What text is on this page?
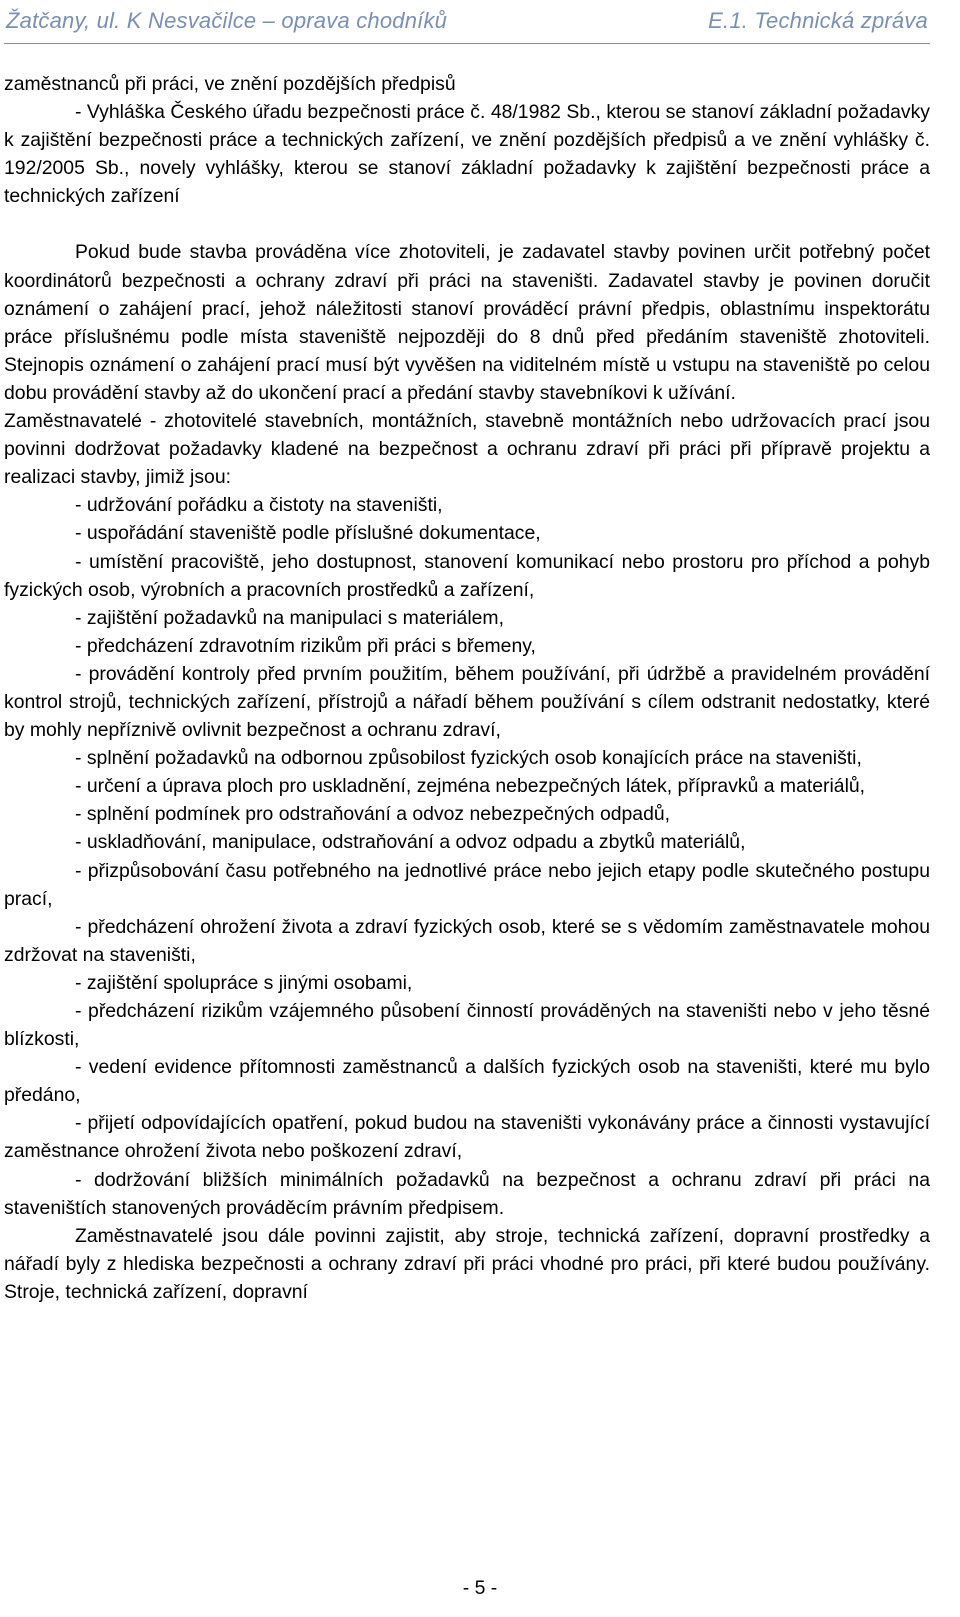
Žatčany, ul. K Nesvačilce – oprava chodníků	E.1. Technická zpráva

zaměstnanců při práci, ve znění pozdějších předpisů

- Vyhláška Českého úřadu bezpečnosti práce č. 48/1982 Sb., kterou se stanoví základní požadavky k zajištění bezpečnosti práce a technických zařízení, ve znění pozdějších předpisů a ve znění vyhlášky č. 192/2005 Sb., novely vyhlášky, kterou se stanoví základní požadavky k zajištění bezpečnosti práce a technických zařízení

Pokud bude stavba prováděna více zhotoviteli, je zadavatel stavby povinen určit potřebný počet koordinátorů bezpečnosti a ochrany zdraví při práci na staveništi. Zadavatel stavby je povinen doručit oznámení o zahájení prací, jehož náležitosti stanoví prováděcí právní předpis, oblastnímu inspektorátu práce příslušnému podle místa staveniště nejpozději do 8 dnů před předáním staveniště zhotoviteli. Stejnopis oznámení o zahájení prací musí být vyvěšen na viditelném místě u vstupu na staveniště po celou dobu provádění stavby až do ukončení prací a předání stavby stavebníkovi k užívání.

Zaměstnavatelé - zhotovitelé stavebních, montážních, stavebně montážních nebo udržovacích prací jsou povinni dodržovat požadavky kladené na bezpečnost a ochranu zdraví při práci při přípravě projektu a realizaci stavby, jimiž jsou:

- udržování pořádku a čistoty na staveništi,

- uspořádání staveniště podle příslušné dokumentace,

- umístění pracoviště, jeho dostupnost, stanovení komunikací nebo prostoru pro příchod a pohyb fyzických osob, výrobních a pracovních prostředků a zařízení,

- zajištění požadavků na manipulaci s materiálem,

- předcházení zdravotním rizikům při práci s břemeny,

- provádění kontroly před prvním použitím, během používání, při údržbě a pravidelném provádění kontrol strojů, technických zařízení, přístrojů a nářadí během používání s cílem odstranit nedostatky, které by mohly nepříznivě ovlivnit bezpečnost a ochranu zdraví,

- splnění požadavků na odbornou způsobilost fyzických osob konajících práce na staveništi,

- určení a úprava ploch pro uskladnění, zejména nebezpečných látek, přípravků a materiálů,

- splnění podmínek pro odstraňování a odvoz nebezpečných odpadů,

- uskladňování, manipulace, odstraňování a odvoz odpadu a zbytků materiálů,

- přizpůsobování času potřebného na jednotlivé práce nebo jejich etapy podle skutečného postupu prací,

- předcházení ohrožení života a zdraví fyzických osob, které se s vědomím zaměstnavatele mohou zdržovat na staveništi,

- zajištění spolupráce s jinými osobami,

- předcházení rizikům vzájemného působení činností prováděných na staveništi nebo v jeho těsné blízkosti,

- vedení evidence přítomnosti zaměstnanců a dalších fyzických osob na staveništi, které mu bylo předáno,

- přijetí odpovídajících opatření, pokud budou na staveništi vykonávány práce a činnosti vystavující zaměstnance ohrožení života nebo poškození zdraví,

- dodržování bližších minimálních požadavků na bezpečnost a ochranu zdraví při práci na staveništích stanovených prováděcím právním předpisem.

Zaměstnavatelé jsou dále povinni zajistit, aby stroje, technická zařízení, dopravní prostředky a nářadí byly z hlediska bezpečnosti a ochrany zdraví při práci vhodné pro práci, při které budou používány. Stroje, technická zařízení, dopravní

- 5 -
